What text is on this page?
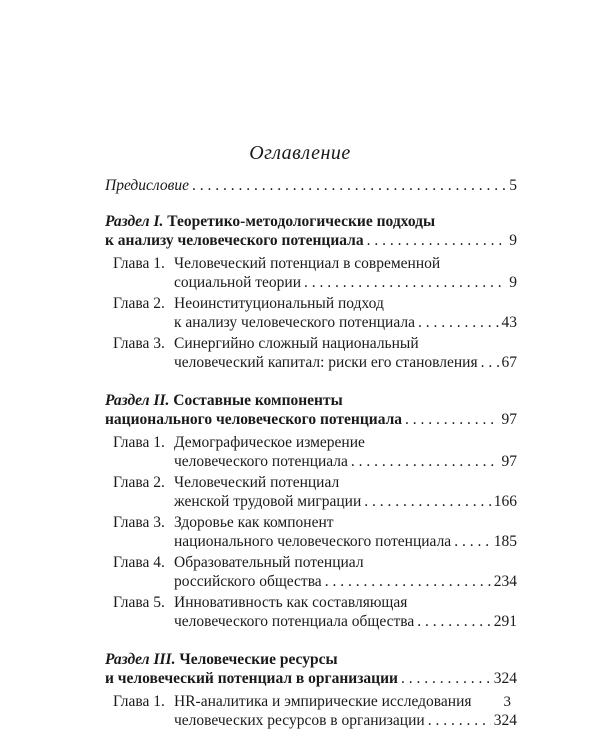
Оглавление
Предисловие . . .	5
Раздел I. Теоретико-методологические подходы
к анализу человеческого потенциала . . .	9
Глава 1. Человеческий потенциал в современной
социальной теории . . .	9
Глава 2. Неоинституциональный подход
к анализу человеческого потенциала . . .	43
Глава 3. Синергийно сложный национальный
человеческий капитал: риски его становления . . . 67
Раздел II. Составные компоненты
национального человеческого потенциала . . .	97
Глава 1. Демографическое измерение
человеческого потенциала . . .	97
Глава 2. Человеческий потенциал
женской трудовой миграции . . .	166
Глава 3. Здоровье как компонент
национального человеческого потенциала . . .	185
Глава 4. Образовательный потенциал
российского общества . . .	234
Глава 5. Инновативность как составляющая
человеческого потенциала общества . . .	291
Раздел III. Человеческие ресурсы
и человеческий потенциал в организации . . .	324
Глава 1. HR-аналитика и эмпирические исследования
человеческих ресурсов в организации . . .	324
3
